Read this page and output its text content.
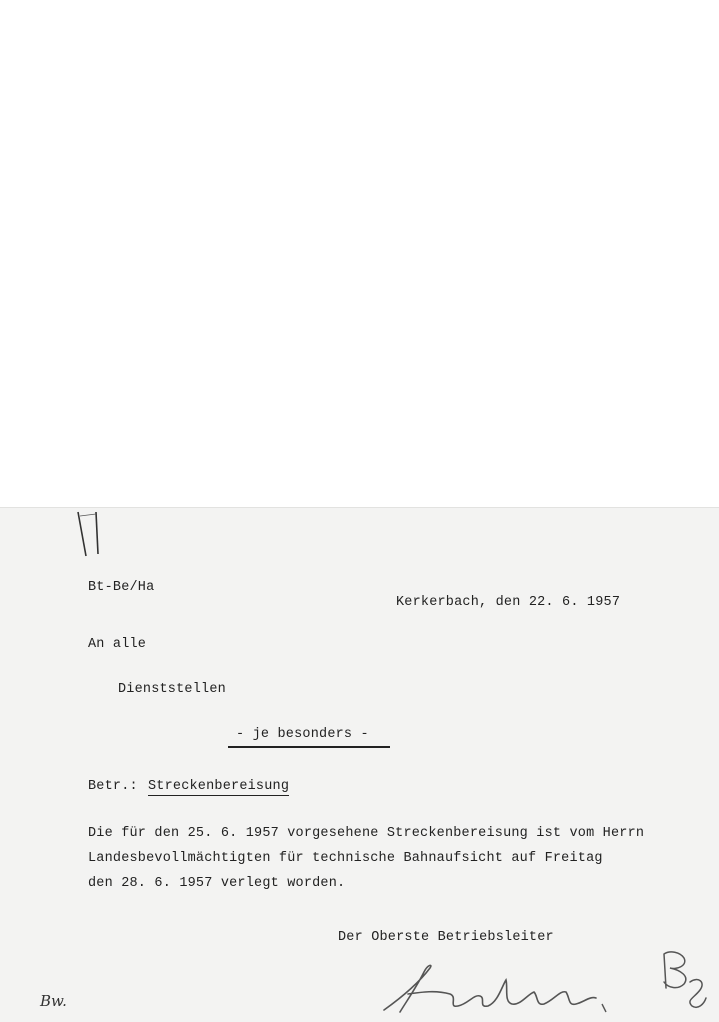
Bt-Be/Ha
Kerkerbach, den 22. 6. 1957
An alle
Dienststellen
- je besonders -
Betr.: Streckenbereisung
Die für den 25. 6. 1957 vorgesehene Streckenbereisung ist vom Herrn
Landesbevollmächtigten für technische Bahnaufsicht auf Freitag
den 28. 6. 1957 verlegt worden.
Der Oberste Betriebsleiter
Bw.
